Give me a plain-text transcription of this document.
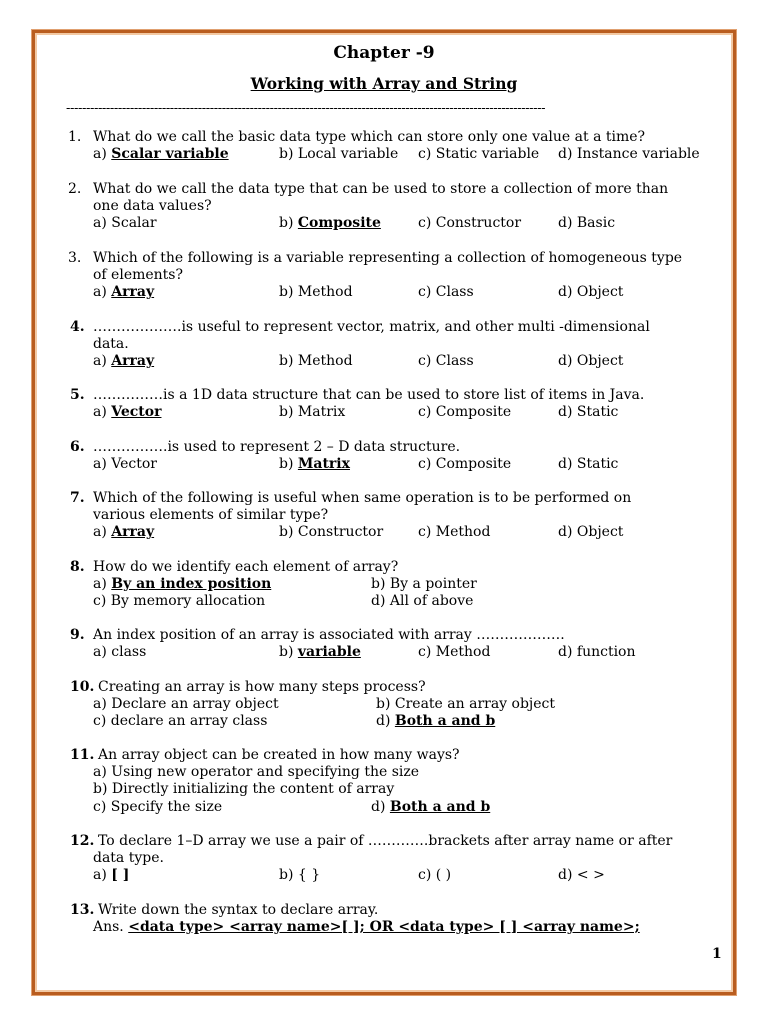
Chapter -9
Working with Array and String
------------------------------------------------------------------------------------------------------------------------
1. What do we call the basic data type which can store only one value at a time?
a) Scalar variable	b) Local variable c) Static variable d) Instance variable
2. What do we call the data type that can be used to store a collection of more than
one data values?
a) Scalar	b) Composite	c) Constructor	d) Basic
3. Which of the following is a variable representing a collection of homogeneous type
of elements?
a) Array	b) Method	c) Class	d) Object
4. ……………….is useful to represent vector, matrix, and other multi -dimensional
data.
a) Array	b) Method	c) Class	d) Object
5. ……………is a 1D data structure that can be used to store list of items in Java.
a) Vector	b) Matrix	c) Composite	d) Static
6. …………….is used to represent 2 – D data structure.
a) Vector	b) Matrix	c) Composite	d) Static
7. Which of the following is useful when same operation is to be performed on
various elements of similar type?
a) Array	b) Constructor c) Method	d) Object
8. How do we identify each element of array?
a) By an index position	b) By a pointer
c) By memory allocation	d) All of above
9. An index position of an array is associated with array ……………….
a) class	b) variable	c) Method	d) function
10. Creating an array is how many steps process?
a) Declare an array object	b) Create an array object
c) declare an array class	d) Both a and b
11. An array object can be created in how many ways?
a) Using new operator and specifying the size
b) Directly initializing the content of array
c) Specify the size	d) Both a and b
12. To declare 1–D array we use a pair of ………….brackets after array name or after
data type.
a) [ ]	b) { }	c) ( )	d) < >
13. Write down the syntax to declare array.
Ans. <data type> <array name>[ ]; OR <data type> [ ] <array name>;
1
